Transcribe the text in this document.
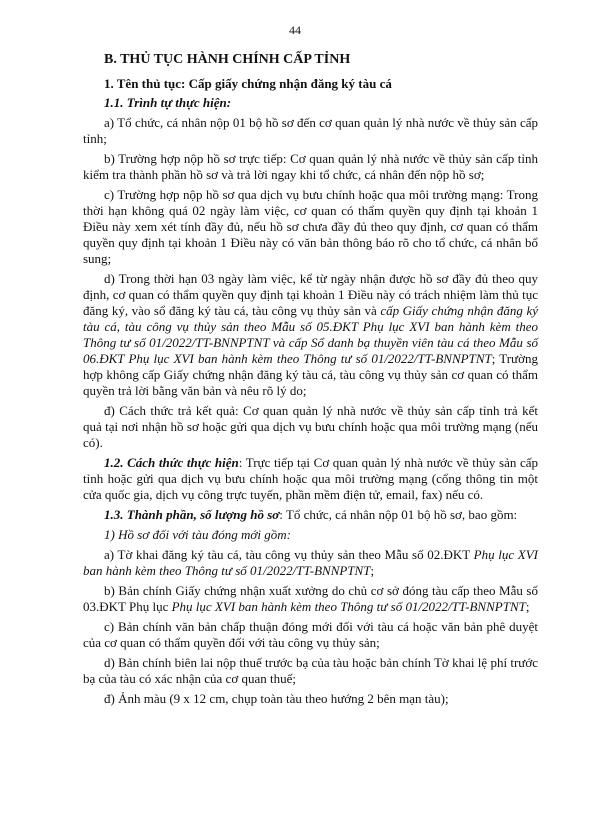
44

B. THỦ TỤC HÀNH CHÍNH CẤP TỈNH

1. Tên thủ tục: Cấp giấy chứng nhận đăng ký tàu cá

1.1. Trình tự thực hiện:

a) Tổ chức, cá nhân nộp 01 bộ hồ sơ đến cơ quan quản lý nhà nước về thủy sản cấp tỉnh;

b) Trường hợp nộp hồ sơ trực tiếp: Cơ quan quản lý nhà nước về thủy sản cấp tỉnh kiểm tra thành phần hồ sơ và trả lời ngay khi tổ chức, cá nhân đến nộp hồ sơ;

c) Trường hợp nộp hồ sơ qua dịch vụ bưu chính hoặc qua môi trường mạng: Trong thời hạn không quá 02 ngày làm việc, cơ quan có thẩm quyền quy định tại khoản 1 Điều này xem xét tính đầy đủ, nếu hồ sơ chưa đầy đủ theo quy định, cơ quan có thẩm quyền quy định tại khoản 1 Điều này có văn bản thông báo rõ cho tổ chức, cá nhân bổ sung;

d) Trong thời hạn 03 ngày làm việc, kể từ ngày nhận được hồ sơ đầy đủ theo quy định, cơ quan có thẩm quyền quy định tại khoản 1 Điều này có trách nhiệm làm thủ tục đăng ký, vào sổ đăng ký tàu cá, tàu công vụ thủy sản và cấp Giấy chứng nhận đăng ký tàu cá, tàu công vụ thủy sản theo Mẫu số 05.ĐKT Phụ lục XVI ban hành kèm theo Thông tư số 01/2022/TT-BNNPTNT và cấp Sổ danh bạ thuyền viên tàu cá theo Mẫu số 06.ĐKT Phụ lục XVI ban hành kèm theo Thông tư số 01/2022/TT-BNNPTNT; Trường hợp không cấp Giấy chứng nhận đăng ký tàu cá, tàu công vụ thủy sản cơ quan có thẩm quyền trả lời bằng văn bản và nêu rõ lý do;

đ) Cách thức trả kết quả: Cơ quan quản lý nhà nước về thủy sản cấp tỉnh trả kết quả tại nơi nhận hồ sơ hoặc gửi qua dịch vụ bưu chính hoặc qua môi trường mạng (nếu có).

1.2. Cách thức thực hiện: Trực tiếp tại Cơ quan quản lý nhà nước về thủy sản cấp tỉnh hoặc gửi qua dịch vụ bưu chính hoặc qua môi trường mạng (cổng thông tin một cửa quốc gia, dịch vụ công trực tuyến, phần mềm điện tử, email, fax) nếu có.

1.3. Thành phần, số lượng hồ sơ: Tổ chức, cá nhân nộp 01 bộ hồ sơ, bao gồm:

1) Hồ sơ đối với tàu đóng mới gồm:

a) Tờ khai đăng ký tàu cá, tàu công vụ thủy sản theo Mẫu số 02.ĐKT Phụ lục XVI ban hành kèm theo Thông tư số 01/2022/TT-BNNPTNT;

b) Bản chính Giấy chứng nhận xuất xưởng do chủ cơ sở đóng tàu cấp theo Mẫu số 03.ĐKT Phụ lục Phụ lục XVI ban hành kèm theo Thông tư số 01/2022/TT-BNNPTNT;

c) Bản chính văn bản chấp thuận đóng mới đối với tàu cá hoặc văn bản phê duyệt của cơ quan có thẩm quyền đối với tàu công vụ thủy sản;

d) Bản chính biên lai nộp thuế trước bạ của tàu hoặc bản chính Tờ khai lệ phí trước bạ của tàu có xác nhận của cơ quan thuế;

đ) Ảnh màu (9 x 12 cm, chụp toàn tàu theo hướng 2 bên mạn tàu);
